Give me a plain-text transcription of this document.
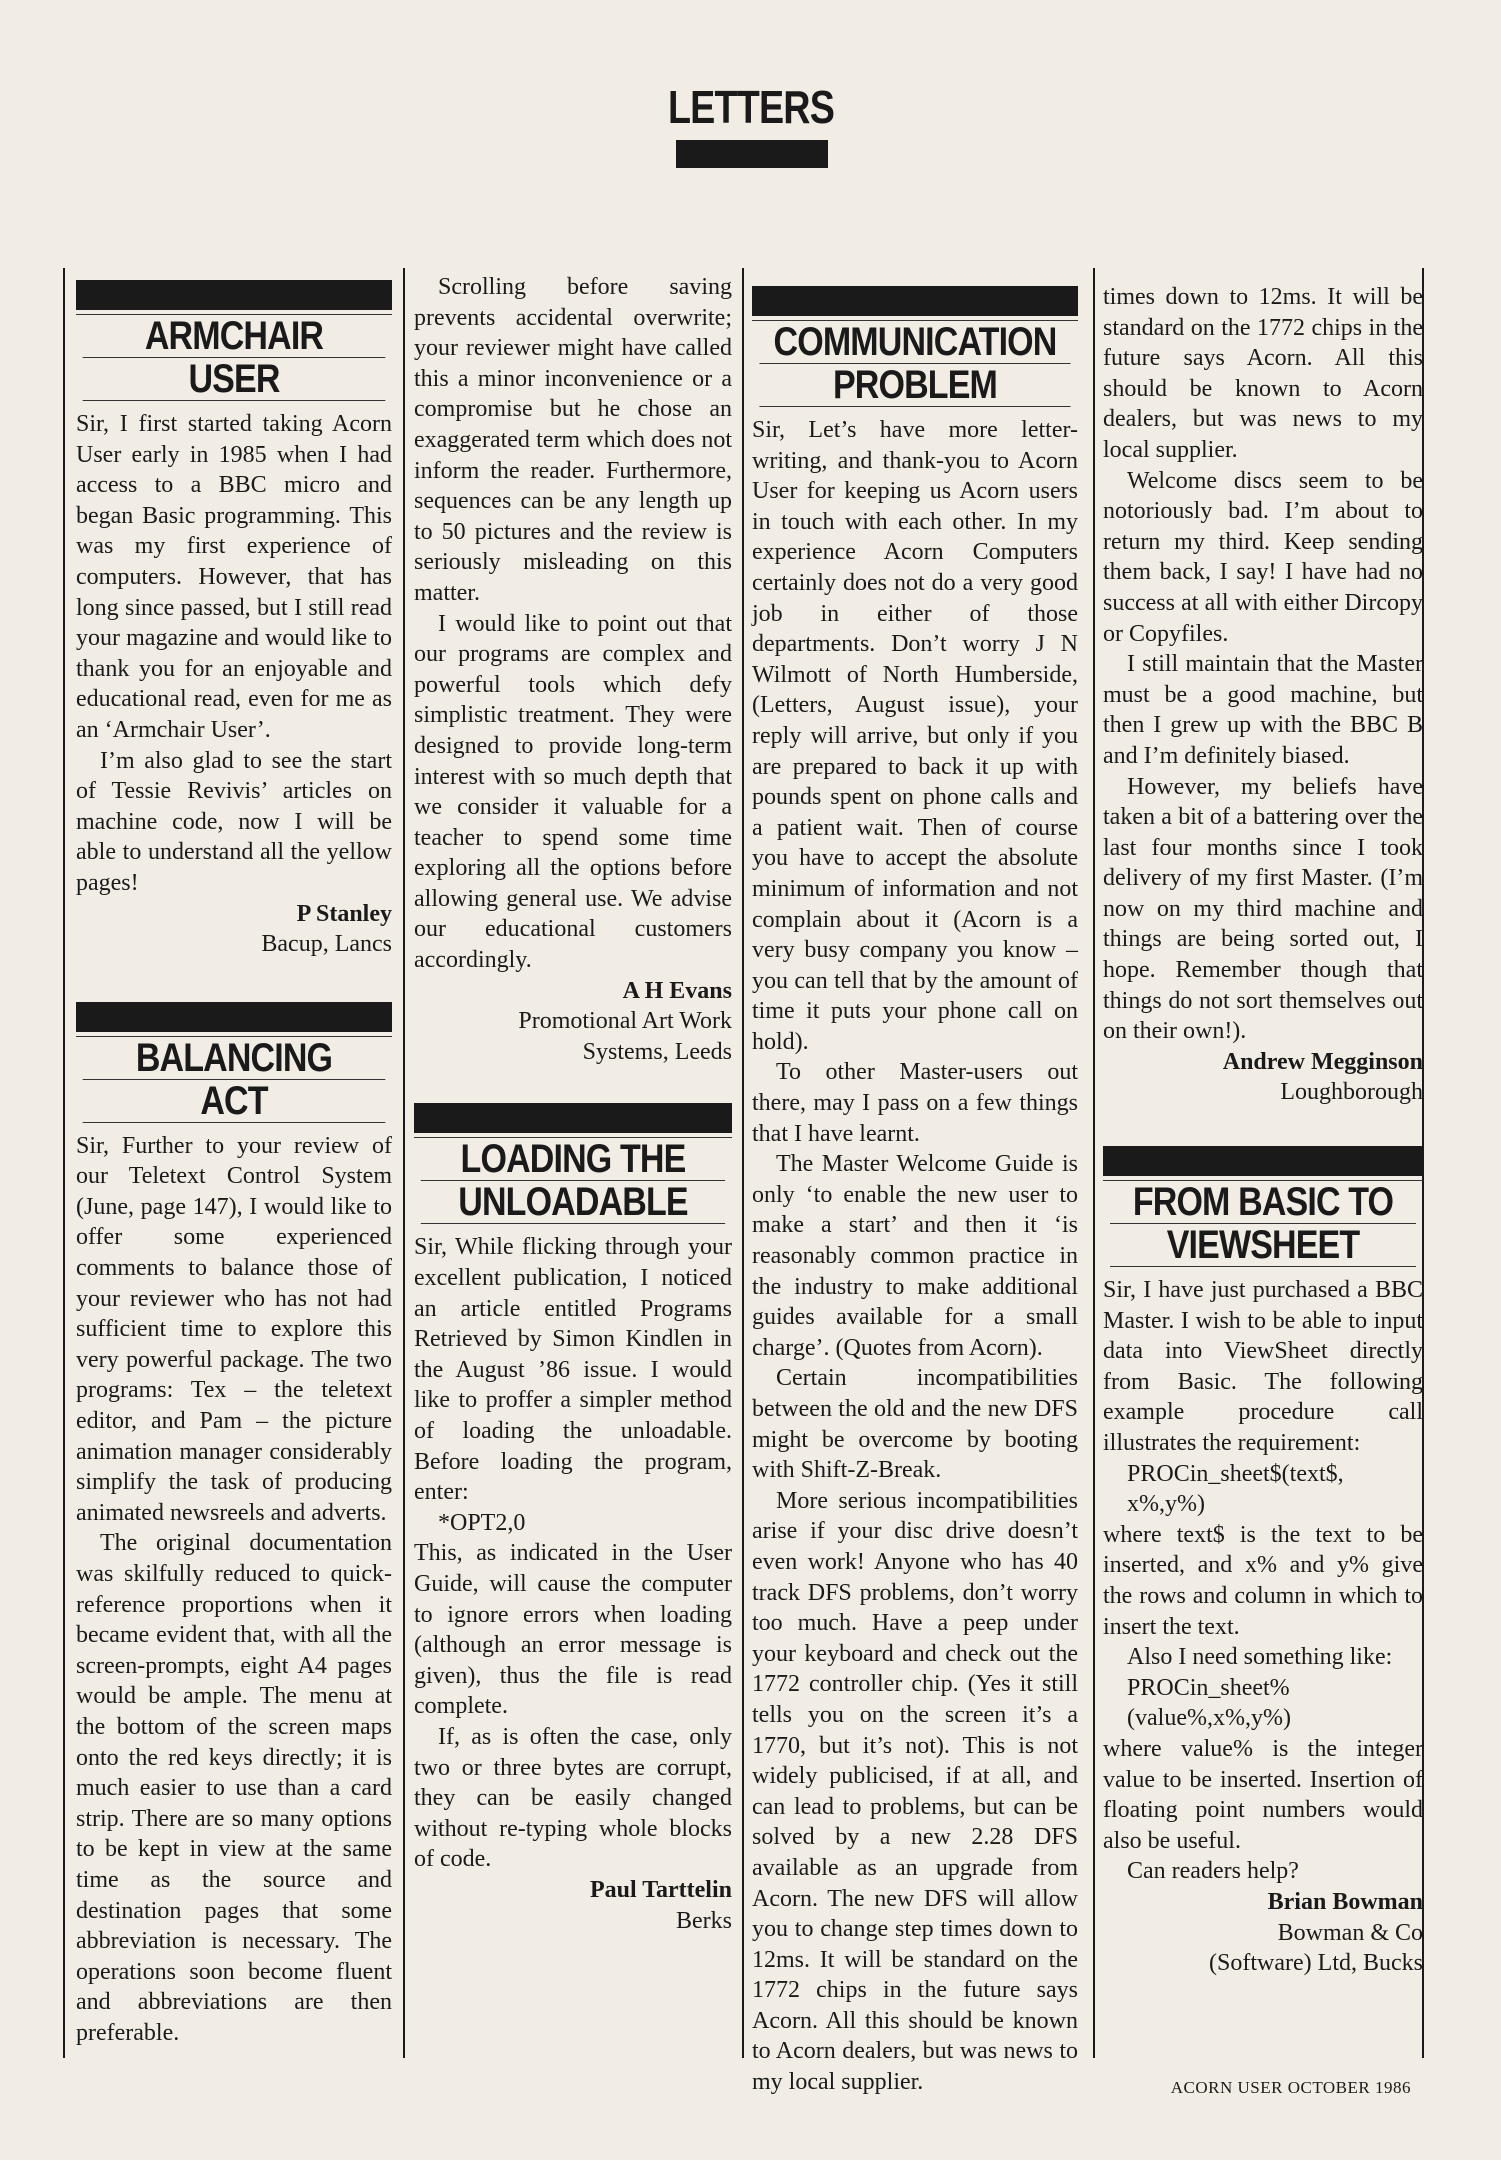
LETTERS
ARMCHAIR
USER

Sir, I first started taking Acorn User early in 1985 when I had access to a BBC micro and began Basic programming. This was my first experience of computers. However, that has long since passed, but I still read your magazine and would like to thank you for an enjoyable and educational read, even for me as an ‘Armchair User’.

I’m also glad to see the start of Tessie Revivis’ articles on machine code, now I will be able to understand all the yellow pages!

P Stanley
Bacup, Lancs
BALANCING
ACT

Sir, Further to your review of our Teletext Control System (June, page 147), I would like to offer some experienced comments to balance those of your reviewer who has not had sufficient time to explore this very powerful package. The two programs: Tex – the teletext editor, and Pam – the picture animation manager considerably simplify the task of producing animated newsreels and adverts.

The original documentation was skilfully reduced to quick-reference proportions when it became evident that, with all the screen-prompts, eight A4 pages would be ample. The menu at the bottom of the screen maps onto the red keys directly; it is much easier to use than a card strip. There are so many options to be kept in view at the same time as the source and destination pages that some abbreviation is necessary. The operations soon become fluent and abbreviations are then preferable.

Scrolling before saving prevents accidental overwrite; your reviewer might have called this a minor inconvenience or a compromise but he chose an exaggerated term which does not inform the reader. Furthermore, sequences can be any length up to 50 pictures and the review is seriously misleading on this matter.

I would like to point out that our programs are complex and powerful tools which defy simplistic treatment. They were designed to provide long-term interest with so much depth that we consider it valuable for a teacher to spend some time exploring all the options before allowing general use. We advise our educational customers accordingly.

A H Evans
Promotional Art Work
Systems, Leeds
LOADING THE
UNLOADABLE

Sir, While flicking through your excellent publication, I noticed an article entitled Programs Retrieved by Simon Kindlen in the August ’86 issue. I would like to proffer a simpler method of loading the unloadable. Before loading the program, enter:

*OPT2,0

This, as indicated in the User Guide, will cause the computer to ignore errors when loading (although an error message is given), thus the file is read complete.

If, as is often the case, only two or three bytes are corrupt, they can be easily changed without re-typing whole blocks of code.

Paul Tarttelin
Berks
COMMUNICATION
PROBLEM

Sir, Let’s have more letter-writing, and thank-you to Acorn User for keeping us Acorn users in touch with each other. In my experience Acorn Computers certainly does not do a very good job in either of those departments. Don’t worry J N Wilmott of North Humberside, (Letters, August issue), your reply will arrive, but only if you are prepared to back it up with pounds spent on phone calls and a patient wait. Then of course you have to accept the absolute minimum of information and not complain about it (Acorn is a very busy company you know – you can tell that by the amount of time it puts your phone call on hold).

To other Master-users out there, may I pass on a few things that I have learnt.

The Master Welcome Guide is only ‘to enable the new user to make a start’ and then it ‘is reasonably common practice in the industry to make additional guides available for a small charge’. (Quotes from Acorn).

Certain incompatibilities between the old and the new DFS might be overcome by booting with Shift-Z-Break.

More serious incompatibilities arise if your disc drive doesn’t even work! Anyone who has 40 track DFS problems, don’t worry too much. Have a peep under your keyboard and check out the 1772 controller chip. (Yes it still tells you on the screen it’s a 1770, but it’s not). This is not widely publicised, if at all, and can lead to problems, but can be solved by a new 2.28 DFS available as an upgrade from Acorn. The new DFS will allow you to change step times down to 12ms. It will be standard on the 1772 chips in the future says Acorn. All this should be known to Acorn dealers, but was news to my local supplier.

times down to 12ms. It will be standard on the 1772 chips in the future says Acorn. All this should be known to Acorn dealers, but was news to my local supplier.

Welcome discs seem to be notoriously bad. I’m about to return my third. Keep sending them back, I say! I have had no success at all with either Dircopy or Copyfiles.

I still maintain that the Master must be a good machine, but then I grew up with the BBC B and I’m definitely biased.

However, my beliefs have taken a bit of a battering over the last four months since I took delivery of my first Master. (I’m now on my third machine and things are being sorted out, I hope. Remember though that things do not sort themselves out on their own!).

Andrew Megginson
Loughborough
FROM BASIC TO
VIEWSHEET

Sir, I have just purchased a BBC Master. I wish to be able to input data into ViewSheet directly from Basic. The following example procedure call illustrates the requirement:

PROCin_sheet$(text$, x%,y%)

where text$ is the text to be inserted, and x% and y% give the rows and column in which to insert the text.

Also I need something like:

PROCin_sheet%(value%,x%,y%)

where value% is the integer value to be inserted. Insertion of floating point numbers would also be useful.

Can readers help?

Brian Bowman
Bowman & Co
(Software) Ltd, Bucks
ACORN USER OCTOBER 1986
